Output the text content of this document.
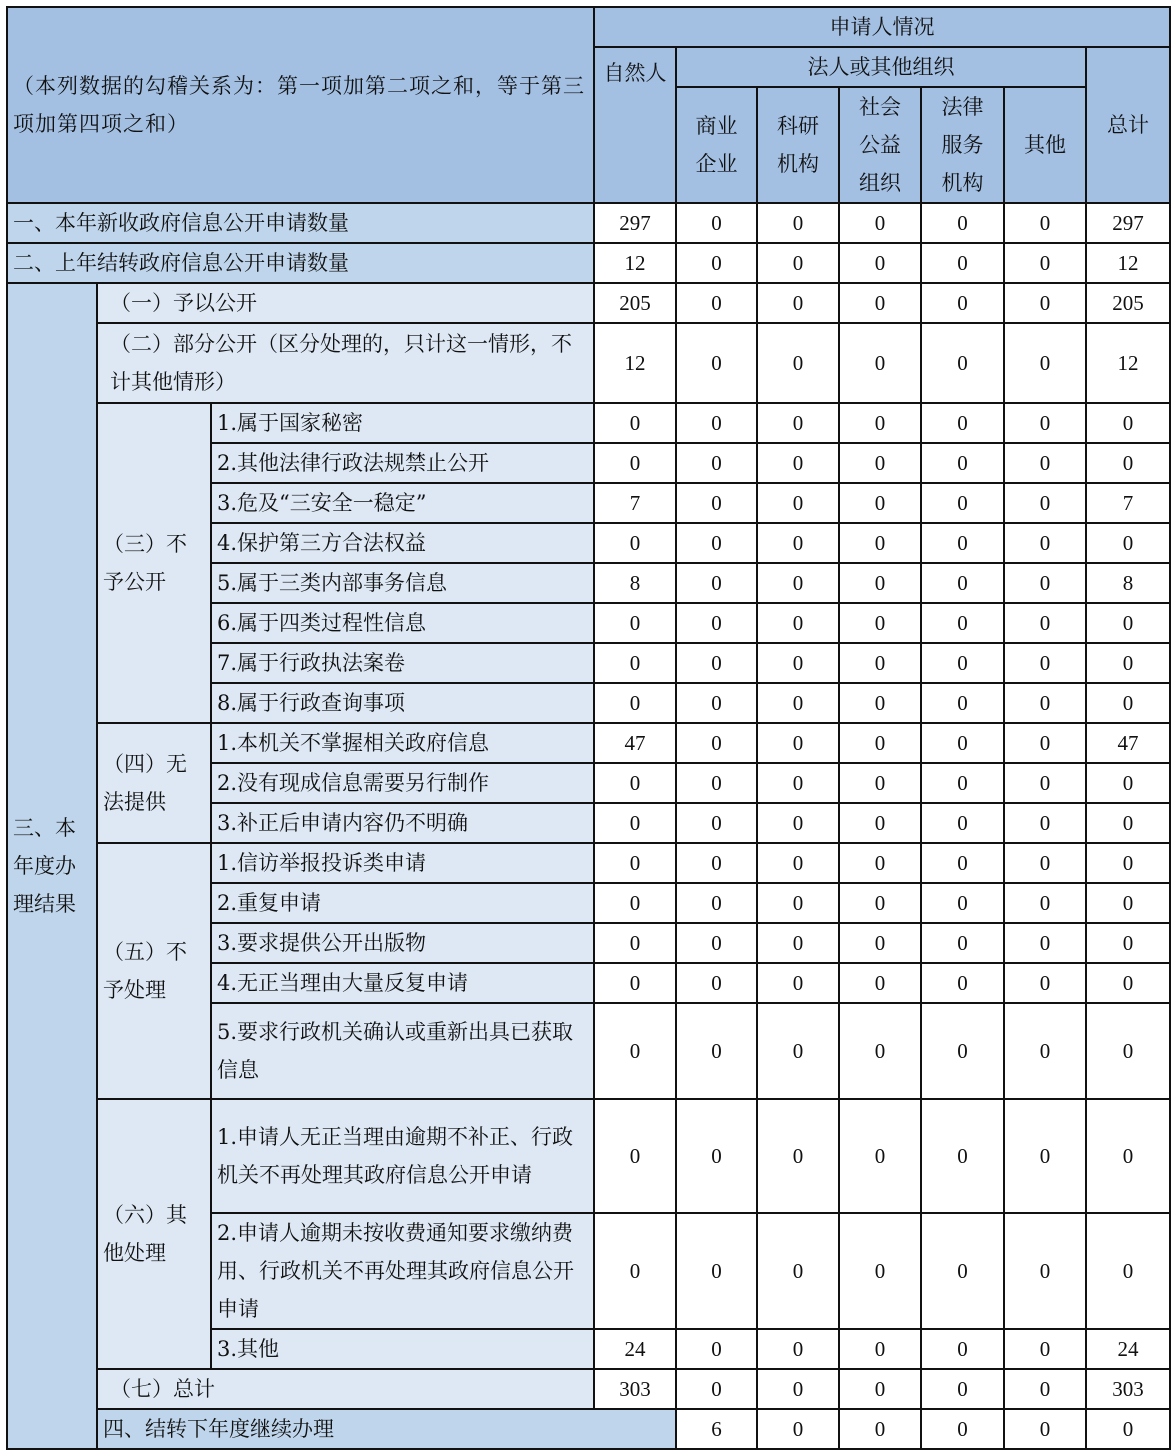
（本列数据的勾稽关系为：第一项加第二项之和，等于第三项加第四项之和）			申请人情况							
			自然人	法人或其他组织					总计	
				商业企业	科研机构	社会公益组织	法律服务机构	其他		
一、本年新收政府信息公开申请数量			297	0	0	0	0	0	297	
二、上年结转政府信息公开申请数量			12	0	0	0	0	0	12	
三、本年度办理结果	（一）予以公开		205	0	0	0	0	0	205	
	（二）部分公开（区分处理的，只计这一情形，不计其他情形）		12	0	0	0	0	0	12	
	（三）不予公开	1.属于国家秘密	0	0	0	0	0	0	0	
		2.其他法律行政法规禁止公开	0	0	0	0	0	0	0	
		3.危及“三安全一稳定”	7	0	0	0	0	0	7	
		4.保护第三方合法权益	0	0	0	0	0	0	0	
		5.属于三类内部事务信息	8	0	0	0	0	0	8	
		6.属于四类过程性信息	0	0	0	0	0	0	0	
		7.属于行政执法案卷	0	0	0	0	0	0	0	
		8.属于行政查询事项	0	0	0	0	0	0	0	
	（四）无法提供	1.本机关不掌握相关政府信息	47	0	0	0	0	0	47	
		2.没有现成信息需要另行制作	0	0	0	0	0	0	0	
		3.补正后申请内容仍不明确	0	0	0	0	0	0	0	
	（五）不予处理	1.信访举报投诉类申请	0	0	0	0	0	0	0	
		2.重复申请	0	0	0	0	0	0	0	
		3.要求提供公开出版物	0	0	0	0	0	0	0	
		4.无正当理由大量反复申请	0	0	0	0	0	0	0	
		5.要求行政机关确认或重新出具已获取信息	0	0	0	0	0	0	0	
	（六）其他处理	1.申请人无正当理由逾期不补正、行政机关不再处理其政府信息公开申请	0	0	0	0	0	0	0	
		2.申请人逾期未按收费通知要求缴纳费用、行政机关不再处理其政府信息公开申请	0	0	0	0	0	0	0	
		3.其他	24	0	0	0	0	0	24	
	（七）总计		303	0	0	0	0	0	303	
	四、结转下年度继续办理			6	0	0	0	0	0	
